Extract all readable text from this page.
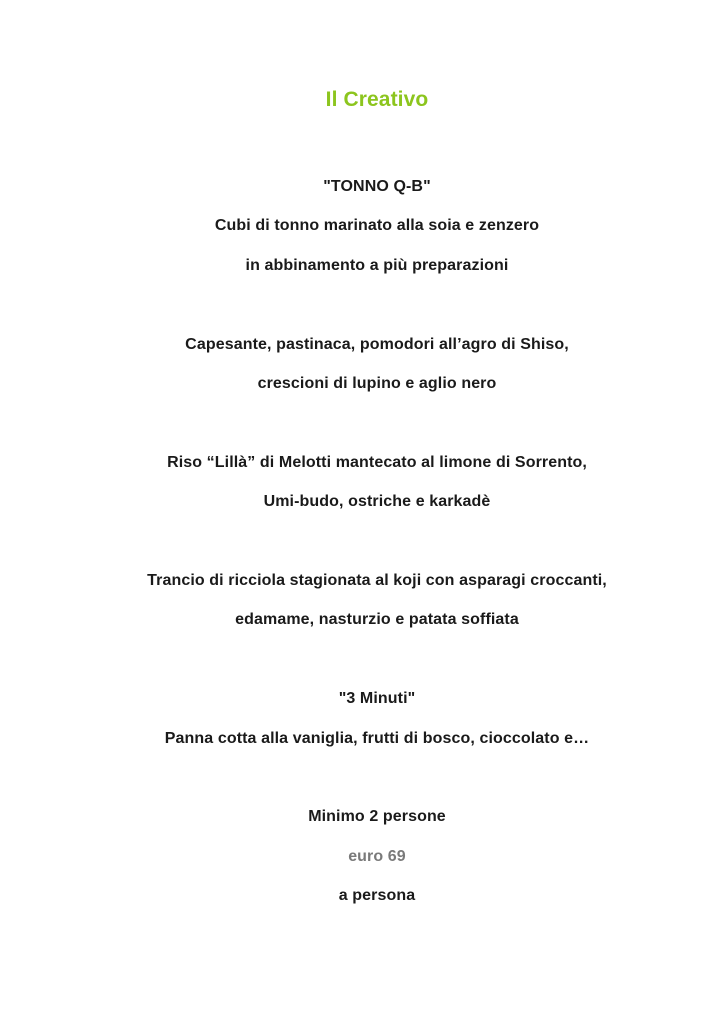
Il Creativo
"TONNO Q-B"
Cubi di tonno marinato alla soia e zenzero
in abbinamento a più preparazioni
Capesante, pastinaca, pomodori all’agro di Shiso,
crescioni di lupino e aglio nero
Riso “Lillà” di Melotti mantecato al limone di Sorrento,
Umi-budo, ostriche e karkadè
Trancio di ricciola stagionata al koji con asparagi croccanti,
edamame, nasturzio e patata soffiata
"3 Minuti"
Panna cotta alla vaniglia, frutti di bosco, cioccolato e…
Minimo 2 persone
euro 69
a persona
